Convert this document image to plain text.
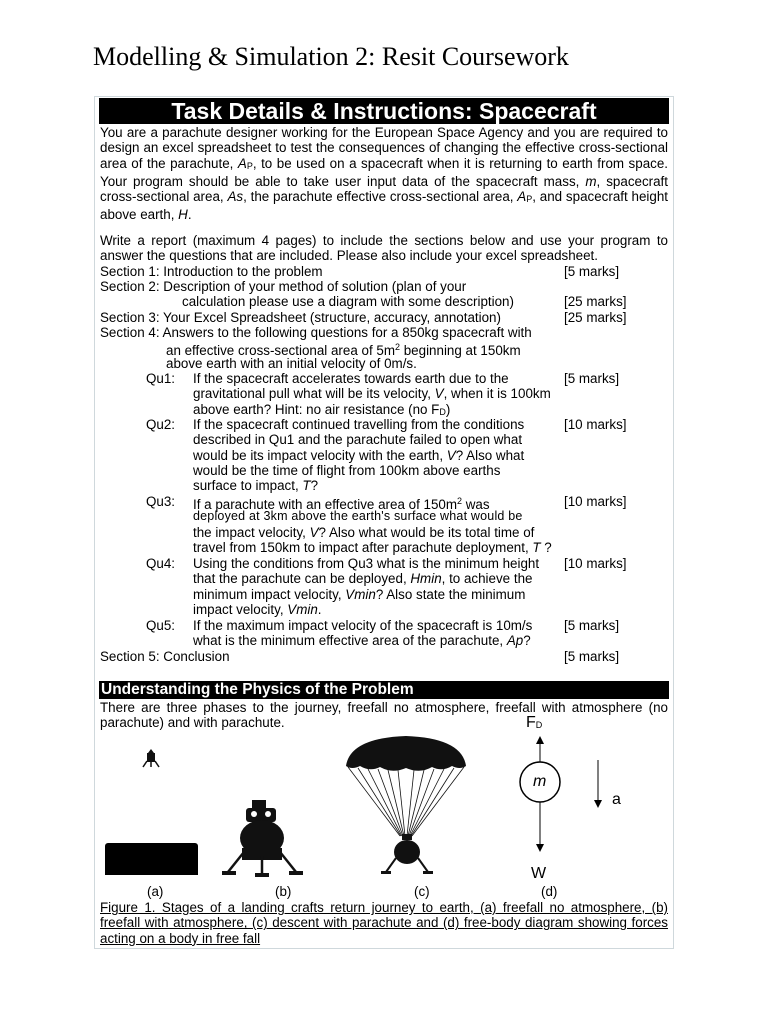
Modelling & Simulation 2: Resit Coursework
Task Details & Instructions: Spacecraft

You are a parachute designer working for the European Space Agency and you are required to design an excel spreadsheet to test the consequences of changing the effective cross-sectional area of the parachute, AP, to be used on a spacecraft when it is returning to earth from space. Your program should be able to take user input data of the spacecraft mass, m, spacecraft cross-sectional area, As, the parachute effective cross-sectional area, AP, and spacecraft height above earth, H.

Write a report (maximum 4 pages) to include the sections below and use your program to answer the questions that are included. Please also include your excel spreadsheet.

Section 1: Introduction to the problem	[5 marks]
Section 2: Description of your method of solution (plan of your
calculation please use a diagram with some description)	[25 marks]
Section 3: Your Excel Spreadsheet (structure, accuracy, annotation)	[25 marks]
Section 4: Answers to the following questions for a 850kg spacecraft with
an effective cross-sectional area of $5m^2$ beginning at 150km
above earth with an initial velocity of 0m/s.
Qu1: If the spacecraft accelerates towards earth due to the
gravitational pull what will be its velocity, V, when it is 100km
above earth? Hint: no air resistance (no FD)
[5 marks]
Qu2: If the spacecraft continued travelling from the conditions
described in Qu1 and the parachute failed to open what
would be its impact velocity with the earth, V? Also what
would be the time of flight from 100km above earths
surface to impact, T?
[10 marks]
Qu3: If a parachute with an effective area of $150m^2$ was
deployed at 3km above the earth's surface what would be
the impact velocity, V? Also what would be its total time of
travel from 150km to impact after parachute deployment, T ?
[10 marks]
Qu4: Using the conditions from Qu3 what is the minimum height
that the parachute can be deployed, Hmin, to achieve the
minimum impact velocity, Vmin? Also state the minimum
impact velocity, Vmin.
[10 marks]
Qu5: If the maximum impact velocity of the spacecraft is 10m/s
what is the minimum effective area of the parachute, Ap?
[5 marks]
Section 5: Conclusion	[5 marks]
Understanding the Physics of the Problem

There are three phases to the journey, freefall no atmosphere, freefall with atmosphere (no parachute) and with parachute.	FD
m
a
W
(a)	(b)	(c)	(d)

Figure 1. Stages of a landing crafts return journey to earth, (a) freefall no atmosphere, (b) freefall with atmosphere, (c) descent with parachute and (d) free-body diagram showing forces acting on a body in free fall
